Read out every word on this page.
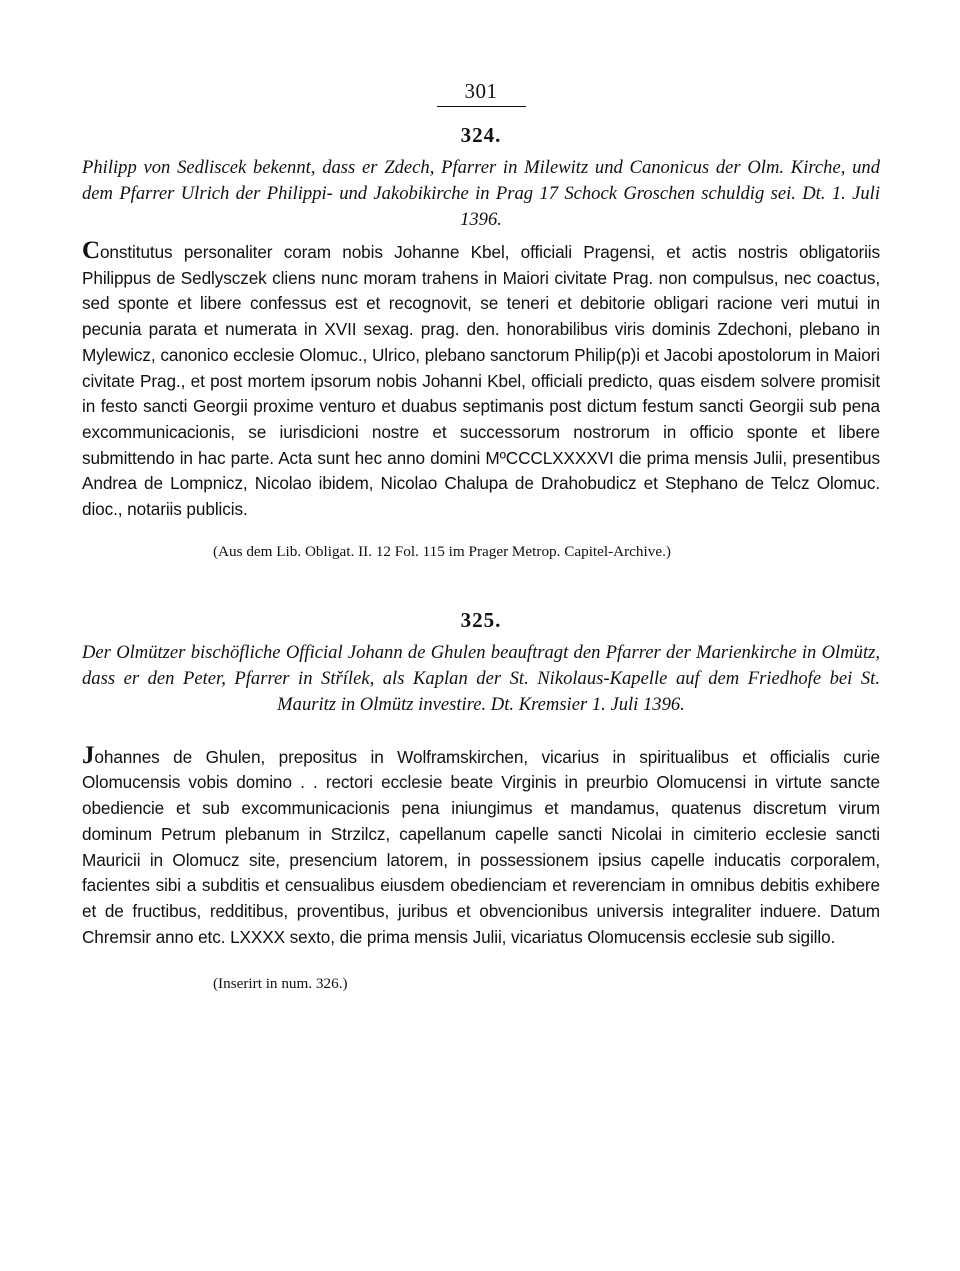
301
324.

Philipp von Sedliscek bekennt, dass er Zdech, Pfarrer in Milewitz und Canonicus der Olm. Kirche, und dem Pfarrer Ulrich der Philippi- und Jakobikirche in Prag 17 Schock Groschen schuldig sei. Dt. 1. Juli 1396.

Constitutus personaliter coram nobis Johanne Kbel, officiali Pragensi, et actis nostris obligatoriis Philippus de Sedlysczek cliens nunc moram trahens in Maiori civitate Prag. non compulsus, nec coactus, sed sponte et libere confessus est et recognovit, se teneri et debitorie obligari racione veri mutui in pecunia parata et numerata in XVII sexag. prag. den. honorabilibus viris dominis Zdechoni, plebano in Mylewicz, canonico ecclesie Olomuc., Ulrico, plebano sanctorum Philip(p)i et Jacobi apostolorum in Maiori civitate Prag., et post mortem ipsorum nobis Johanni Kbel, officiali predicto, quas eisdem solvere promisit in festo sancti Georgii proxime venturo et duabus septimanis post dictum festum sancti Georgii sub pena excommunicacionis, se iurisdicioni nostre et successorum nostrorum in officio sponte et libere submittendo in hac parte. Acta sunt hec anno domini MºCCCLXXXXVI die prima mensis Julii, presentibus Andrea de Lompnicz, Nicolao ibidem, Nicolao Chalupa de Drahobudicz et Stephano de Telcz Olomuc. dioc., notariis publicis.

(Aus dem Lib. Obligat. II. 12 Fol. 115 im Prager Metrop. Capitel-Archive.)

325.

Der Olmützer bischöfliche Official Johann de Ghulen beauftragt den Pfarrer der Marienkirche in Olmütz, dass er den Peter, Pfarrer in Střílek, als Kaplan der St. Nikolaus-Kapelle auf dem Friedhofe bei St. Mauritz in Olmütz investire. Dt. Kremsier 1. Juli 1396.

Johannes de Ghulen, prepositus in Wolframskirchen, vicarius in spiritualibus et officialis curie Olomucensis vobis domino . . rectori ecclesie beate Virginis in preurbio Olomucensi in virtute sancte obediencie et sub excommunicacionis pena iniungimus et mandamus, quatenus discretum virum dominum Petrum plebanum in Strzilcz, capellanum capelle sancti Nicolai in cimiterio ecclesie sancti Mauricii in Olomucz site, presencium latorem, in possessionem ipsius capelle inducatis corporalem, facientes sibi a subditis et censualibus eiusdem obedienciam et reverenciam in omnibus debitis exhibere et de fructibus, redditibus, proventibus, juribus et obvencionibus universis integraliter induere. Datum Chremsir anno etc. LXXXX sexto, die prima mensis Julii, vicariatus Olomucensis ecclesie sub sigillo.

(Inserirt in num. 326.)
